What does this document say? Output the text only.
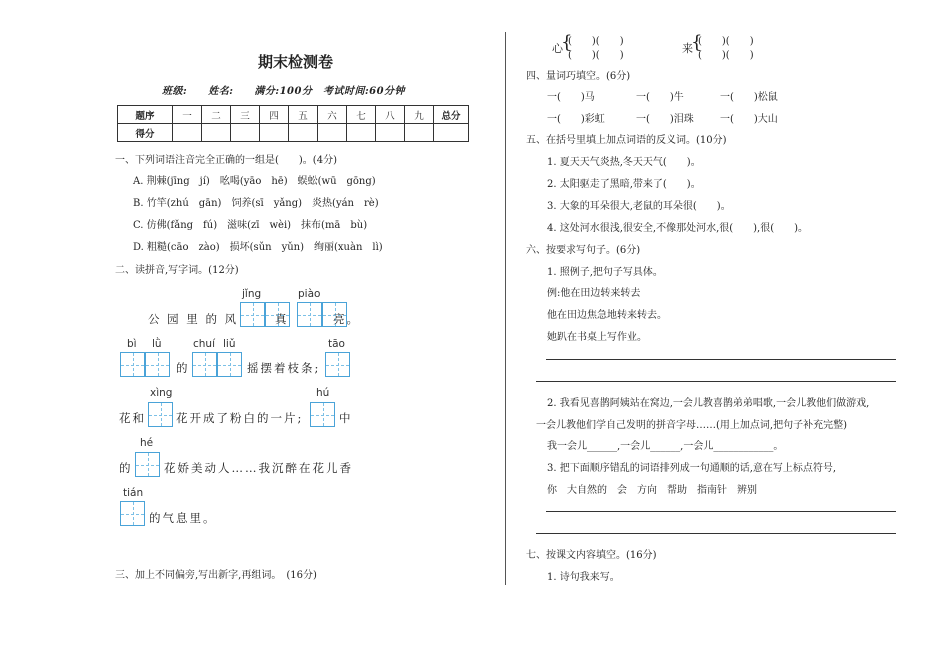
期末检测卷
班级:　　姓名:　　满分:100分　考试时间:60分钟
题序	一	二	三	四	五	六	七	八	九	总分
得分										
一、下列词语注音完全正确的一组是(　　)。(4分)
A. 荆棘(jīng　jí)　吆喝(yāo　hē)　蜈蚣(wū　gōng)
B. 竹竿(zhú　gān)　饲养(sī　yǎng)　炎热(yán　rè)
C. 仿佛(fǎng　fú)　滋味(zī　wèi)　抹布(mā　bù)
D. 粗糙(cāo　zào)　损坏(sǔn　yǔn)　绚丽(xuàn　lì)
二、读拼音,写字词。(12分)
jǐng	piào
公 园 里 的 风	真	亮。
bì lǜ	chuí liǔ	tāo
的	摇摆着枝条;
xìng	hú
花和	花开成了粉白的一片;	中
hé
的	花娇美动人……我沉醉在花儿香
tián
的气息里。
三、加上不同偏旁,写出新字,再组词。　(16分)
心
{
(　　)(　　)
(　　)(　　)
来
{
(　　)(　　)
(　　)(　　)
四、量词巧填空。(6分)
一(　　)马	一(　　)牛	一(　　)松鼠
一(　　)彩虹	一(　　)泪珠	一(　　)大山
五、在括号里填上加点词语的反义词。(10分)
1. 夏天天气炎热,冬天天气(　　)。
2. 太阳驱走了黑暗,带来了(　　)。
3. 大象的耳朵很大,老鼠的耳朵很(　　)。
4. 这处河水很浅,很安全,不像那处河水,很(　　),很(　　)。
六、按要求写句子。(6分)
1. 照例子,把句子写具体。
例:他在田边转来转去
他在田边焦急地转来转去。
她趴在书桌上写作业。
2. 我看见喜鹊阿姨站在窝边,一会儿教喜鹊弟弟唱歌,一会儿教他们做游戏,
一会儿教他们学自己发明的拼音字母……(用上加点词,把句子补充完整)
我一会儿______,一会儿______,一会儿____________。
3. 把下面顺序错乱的词语排列成一句通顺的话,意在写上标点符号,
你　大自然的　会　方向　帮助　指南针　辨别
七、按课文内容填空。(16分)
1. 诗句我来写。
